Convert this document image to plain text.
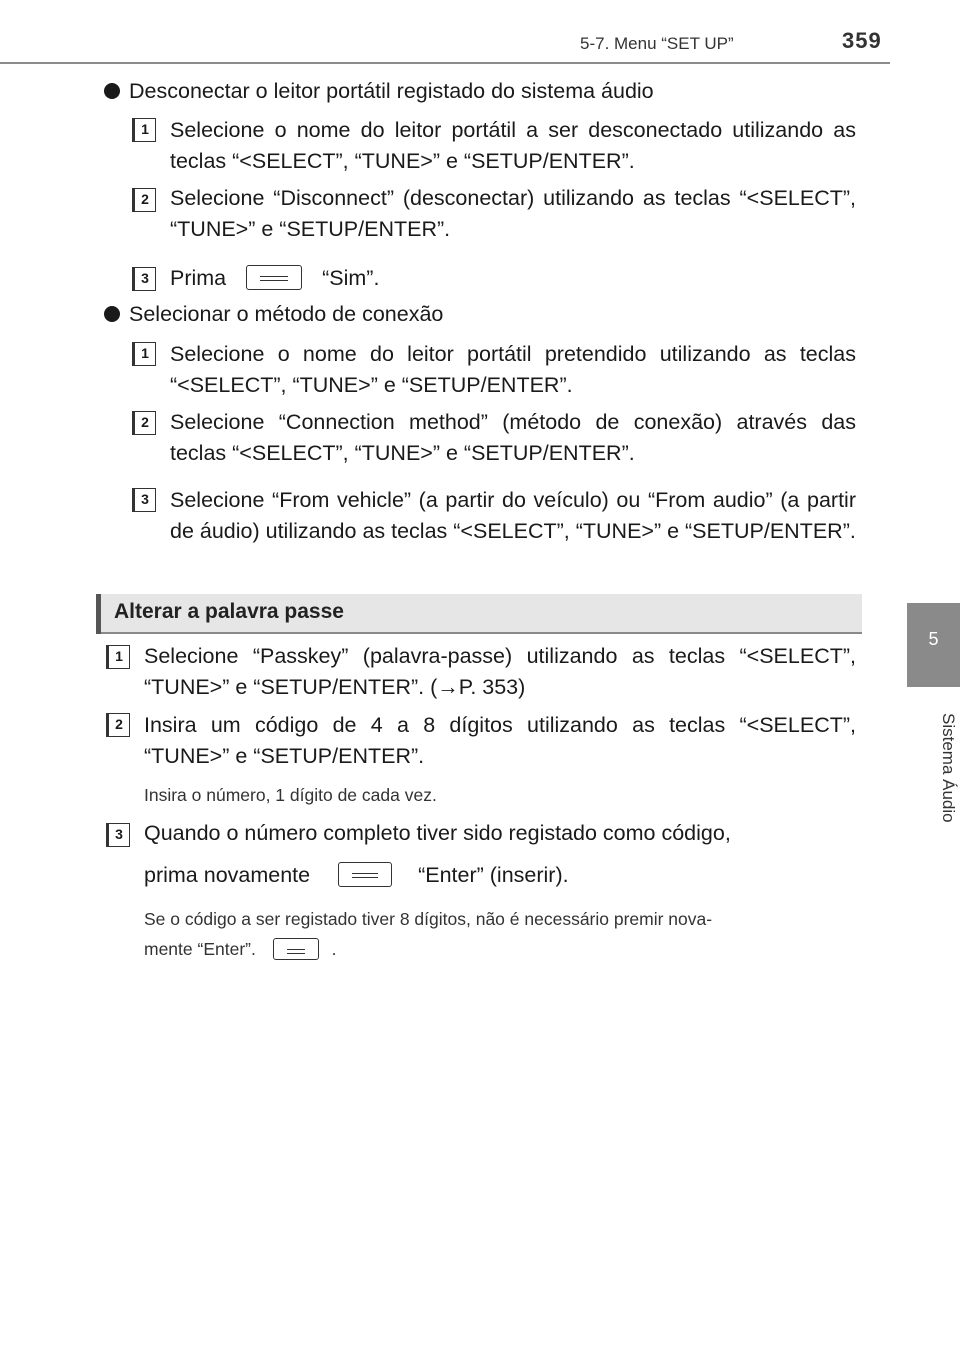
5-7. Menu “SET UP”	359
5
Sistema Áudio
Desconectar o leitor portátil registado do sistema áudio
1 Selecione o nome do leitor portátil a ser desconectado utilizando as teclas “<SELECT”, “TUNE>” e “SETUP/ENTER”.
2 Selecione “Disconnect” (desconectar) utilizando as teclas “<SELECT”, “TUNE>” e “SETUP/ENTER”.
3 Prima	“Sim”.
Selecionar o método de conexão
1 Selecione o nome do leitor portátil pretendido utilizando as teclas “<SELECT”, “TUNE>” e “SETUP/ENTER”.
2 Selecione “Connection method” (método de conexão) através das teclas “<SELECT”, “TUNE>” e “SETUP/ENTER”.
3 Selecione “From vehicle” (a partir do veículo) ou “From audio” (a partir de áudio) utilizando as teclas “<SELECT”, “TUNE>” e “SETUP/ENTER”.
Alterar a palavra passe
1 Selecione “Passkey” (palavra-passe) utilizando as teclas “<SELECT”, “TUNE>” e “SETUP/ENTER”. (→P. 353)
2 Insira um código de 4 a 8 dígitos utilizando as teclas “<SELECT”, “TUNE>” e “SETUP/ENTER”.
Insira o número, 1 dígito de cada vez.
3 Quando o número completo tiver sido registado como código,
prima novamente	“Enter” (inserir).
Se o código a ser registado tiver 8 dígitos, não é necessário premir nova-
mente “Enter”.	.
